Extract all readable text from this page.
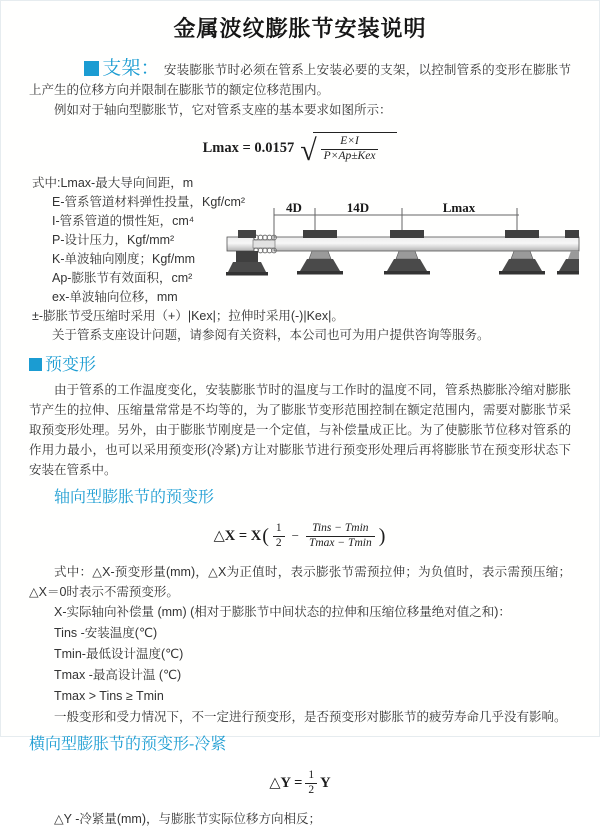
金属波纹膨胀节安装说明

支架： 安装膨胀节时必须在管系上安装必要的支架，以控制管系的变形在膨胀节上产生的位移方向并限制在膨胀节的额定位移范围内。

例如对于轴向型膨胀节，它对管系支座的基本要求如图所示：

Lmax = 0.0157 √ $\frac{E\times I}{\text{P×Ap±Kex}}$
式中:Lmax-最大导向间距，m
E-管系管道材料弹性投量，Kgf/cm²
I-管系管道的惯性矩，cm⁴
P-设计压力，Kgf/mm²
K-单波轴向刚度；Kgf/mm
Ap-膨胀节有效面积，cm²
ex-单波轴向位移，mm
±-膨胀节受压缩时采用（+）|Kex|；拉伸时采用(-)|Kex|。
关于管系支座设计问题，请参阅有关资料，本公司也可为用户提供咨询等服务。
4D	14D	Lmax
预变形

由于管系的工作温度变化，安装膨胀节时的温度与工作时的温度不同，管系热膨胀冷缩对膨胀节产生的拉伸、压缩量常常是不均等的，为了膨胀节变形范围控制在额定范围内，需要对膨胀节采取预变形处理。另外，由于膨胀节刚度是一个定值，与补偿量成正比。为了使膨胀节位移对管系的作用力最小，也可以采用预变形(冷紧)方让对膨胀节进行预变形处理后再将膨胀节在预变形状态下安装在管系中。

轴向型膨胀节的预变形
△X = X ( $\frac{1}{2} - \frac{\text{Tins − Tmin}}{Tmax - Tmin}$ )

式中：△X-预变形量(mm)，△X为正值时，表示膨张节需预拉伸；为负值时，表示需预压缩；△X＝0时表示不需预变形。

X-实际轴向补偿量 (mm) (相对于膨胀节中间状态的拉伸和压缩位移量绝对值之和)：
Tins -安装温度(℃)
Tmin-最低设计温度(℃)
Tmax -最高设计温 (℃)
Tmax > Tins ≥ Tmin

一般变形和受力情况下，不一定进行预变形，是否预变形对膨胀节的疲劳寿命几乎没有影响。

横向型膨胀节的预变形-冷紧
△Y = $\frac{1}{2}$ Y
△Y -冷紧量(mm)，与膨胀节实际位移方向相反；
